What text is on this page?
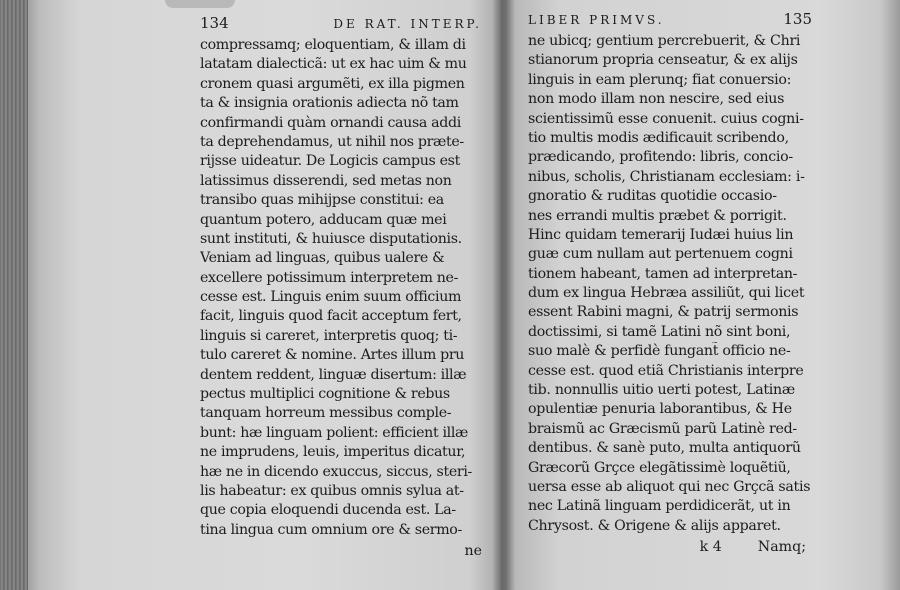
134	DE RAT. INTERP.
compressamq; eloquentiam, & illam di
latatam dialecticã: ut ex hac uim & mu
cronem quasi argumẽti, ex illa pigmen
ta & insignia orationis adiecta nõ tam
confirmandi quàm ornandi causa addi
ta deprehendamus, ut nihil nos præte-
rijsse uideatur. De Logicis campus est
latissimus disserendi, sed metas non
transibo quas mihijpse constitui: ea
quantum potero, adducam quæ mei
sunt instituti, & huiusce disputationis.
Veniam ad linguas, quibus ualere &
excellere potissimum interpretem ne-
cesse est. Linguis enim suum officium
facit, linguis quod facit acceptum fert,
linguis si careret, interpretis quoq; ti-
tulo careret & nomine. Artes illum pru
dentem reddent, linguæ disertum: illæ
pectus multiplici cognitione & rebus
tanquam horreum messibus comple-
bunt: hæ linguam polient: efficient illæ
ne imprudens, leuis, imperitus dicatur,
hæ ne in dicendo exuccus, siccus, steri-
lis habeatur: ex quibus omnis sylua at-
que copia eloquendi ducenda est. La-
tina lingua cum omnium ore & sermo-
ne
LIBER PRIMVS.	135
ne ubicq; gentium percrebuerit, & Chri
stianorum propria censeatur, & ex alijs
linguis in eam plerunq; fiat conuersio:
non modo illam non nescire, sed eius
scientissimũ esse conuenit. cuius cogni-
tio multis modis ædificauit scribendo,
prædicando, profitendo: libris, concio-
nibus, scholis, Christianam ecclesiam: i-
gnoratio & ruditas quotidie occasio-
nes errandi multis præbet & porrigit.
Hinc quidam temerarij Iudæi huius lin
guæ cum nullam aut pertenuem cogni
tionem habeant, tamen ad interpretan-
dum ex lingua Hebræa assiliũt, qui licet
essent Rabini magni, & patrij sermonis
doctissimi, si tamẽ Latini nõ sint boni,
suo malè & perfidè fungant̃ officio ne-
cesse est. quod etiã Christianis interpre
tib. nonnullis uitio uerti potest, Latinæ
opulentiæ penuria laborantibus, & He
braismũ ac Græcismũ parũ Latinè red-
dentibus. & sanè puto, multa antiquorũ
Græcorũ Grçce elegãtissimè loquẽtiũ,
uersa esse ab aliquot qui nec Grçcã satis
nec Latinã linguam perdidicerãt, ut in
Chrysost. & Origene & alijs apparet.
k 4	Namq;
